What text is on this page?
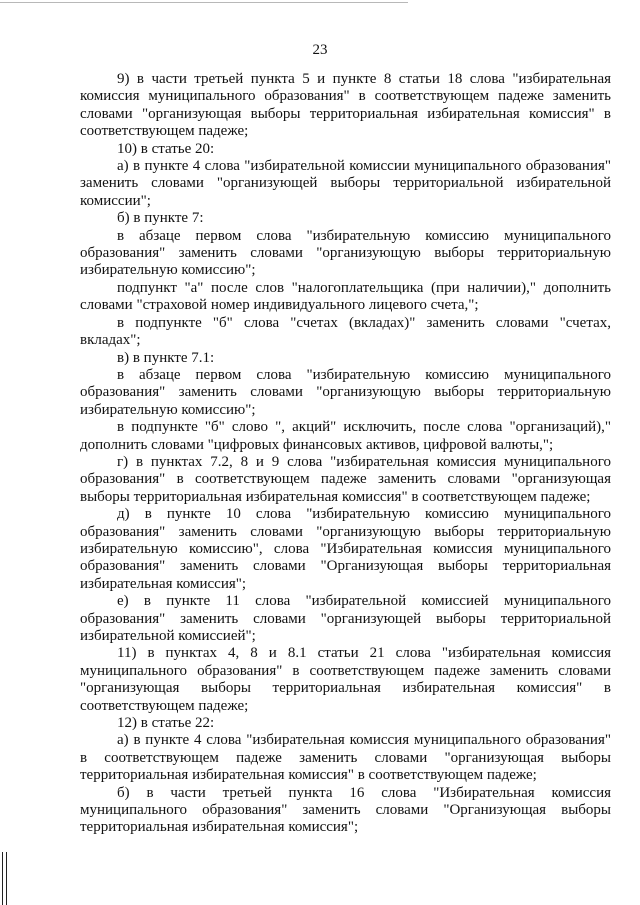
23

9) в части третьей пункта 5 и пункте 8 статьи 18 слова "избирательная комиссия муниципального образования" в соответствующем падеже заменить словами "организующая выборы территориальная избирательная комиссия" в соответствующем падеже;

10) в статье 20:

а) в пункте 4 слова "избирательной комиссии муниципального образования" заменить словами "организующей выборы территориальной избирательной комиссии";

б) в пункте 7:

в абзаце первом слова "избирательную комиссию муниципального образования" заменить словами "организующую выборы территориальную избирательную комиссию";

подпункт "а" после слов "налогоплательщика (при наличии)," дополнить словами "страховой номер индивидуального лицевого счета,";

в подпункте "б" слова "счетах (вкладах)" заменить словами "счетах, вкладах";

в) в пункте 7.1:

в абзаце первом слова "избирательную комиссию муниципального образования" заменить словами "организующую выборы территориальную избирательную комиссию";

в подпункте "б" слово ", акций" исключить, после слова "организаций)," дополнить словами "цифровых финансовых активов, цифровой валюты,";

г) в пунктах 7.2, 8 и 9 слова "избирательная комиссия муниципального образования" в соответствующем падеже заменить словами "организующая выборы территориальная избирательная комиссия" в соответствующем падеже;

д) в пункте 10 слова "избирательную комиссию муниципального образования" заменить словами "организующую выборы территориальную избирательную комиссию", слова "Избирательная комиссия муниципального образования" заменить словами "Организующая выборы территориальная избирательная комиссия";

е) в пункте 11 слова "избирательной комиссией муниципального образования" заменить словами "организующей выборы территориальной избирательной комиссией";

11) в пунктах 4, 8 и 8.1 статьи 21 слова "избирательная комиссия муниципального образования" в соответствующем падеже заменить словами "организующая выборы территориальная избирательная комиссия" в соответствующем падеже;

12) в статье 22:

а) в пункте 4 слова "избирательная комиссия муниципального образования" в соответствующем падеже заменить словами "организующая выборы территориальная избирательная комиссия" в соответствующем падеже;

б) в части третьей пункта 16 слова "Избирательная комиссия муниципального образования" заменить словами "Организующая выборы территориальная избирательная комиссия";
